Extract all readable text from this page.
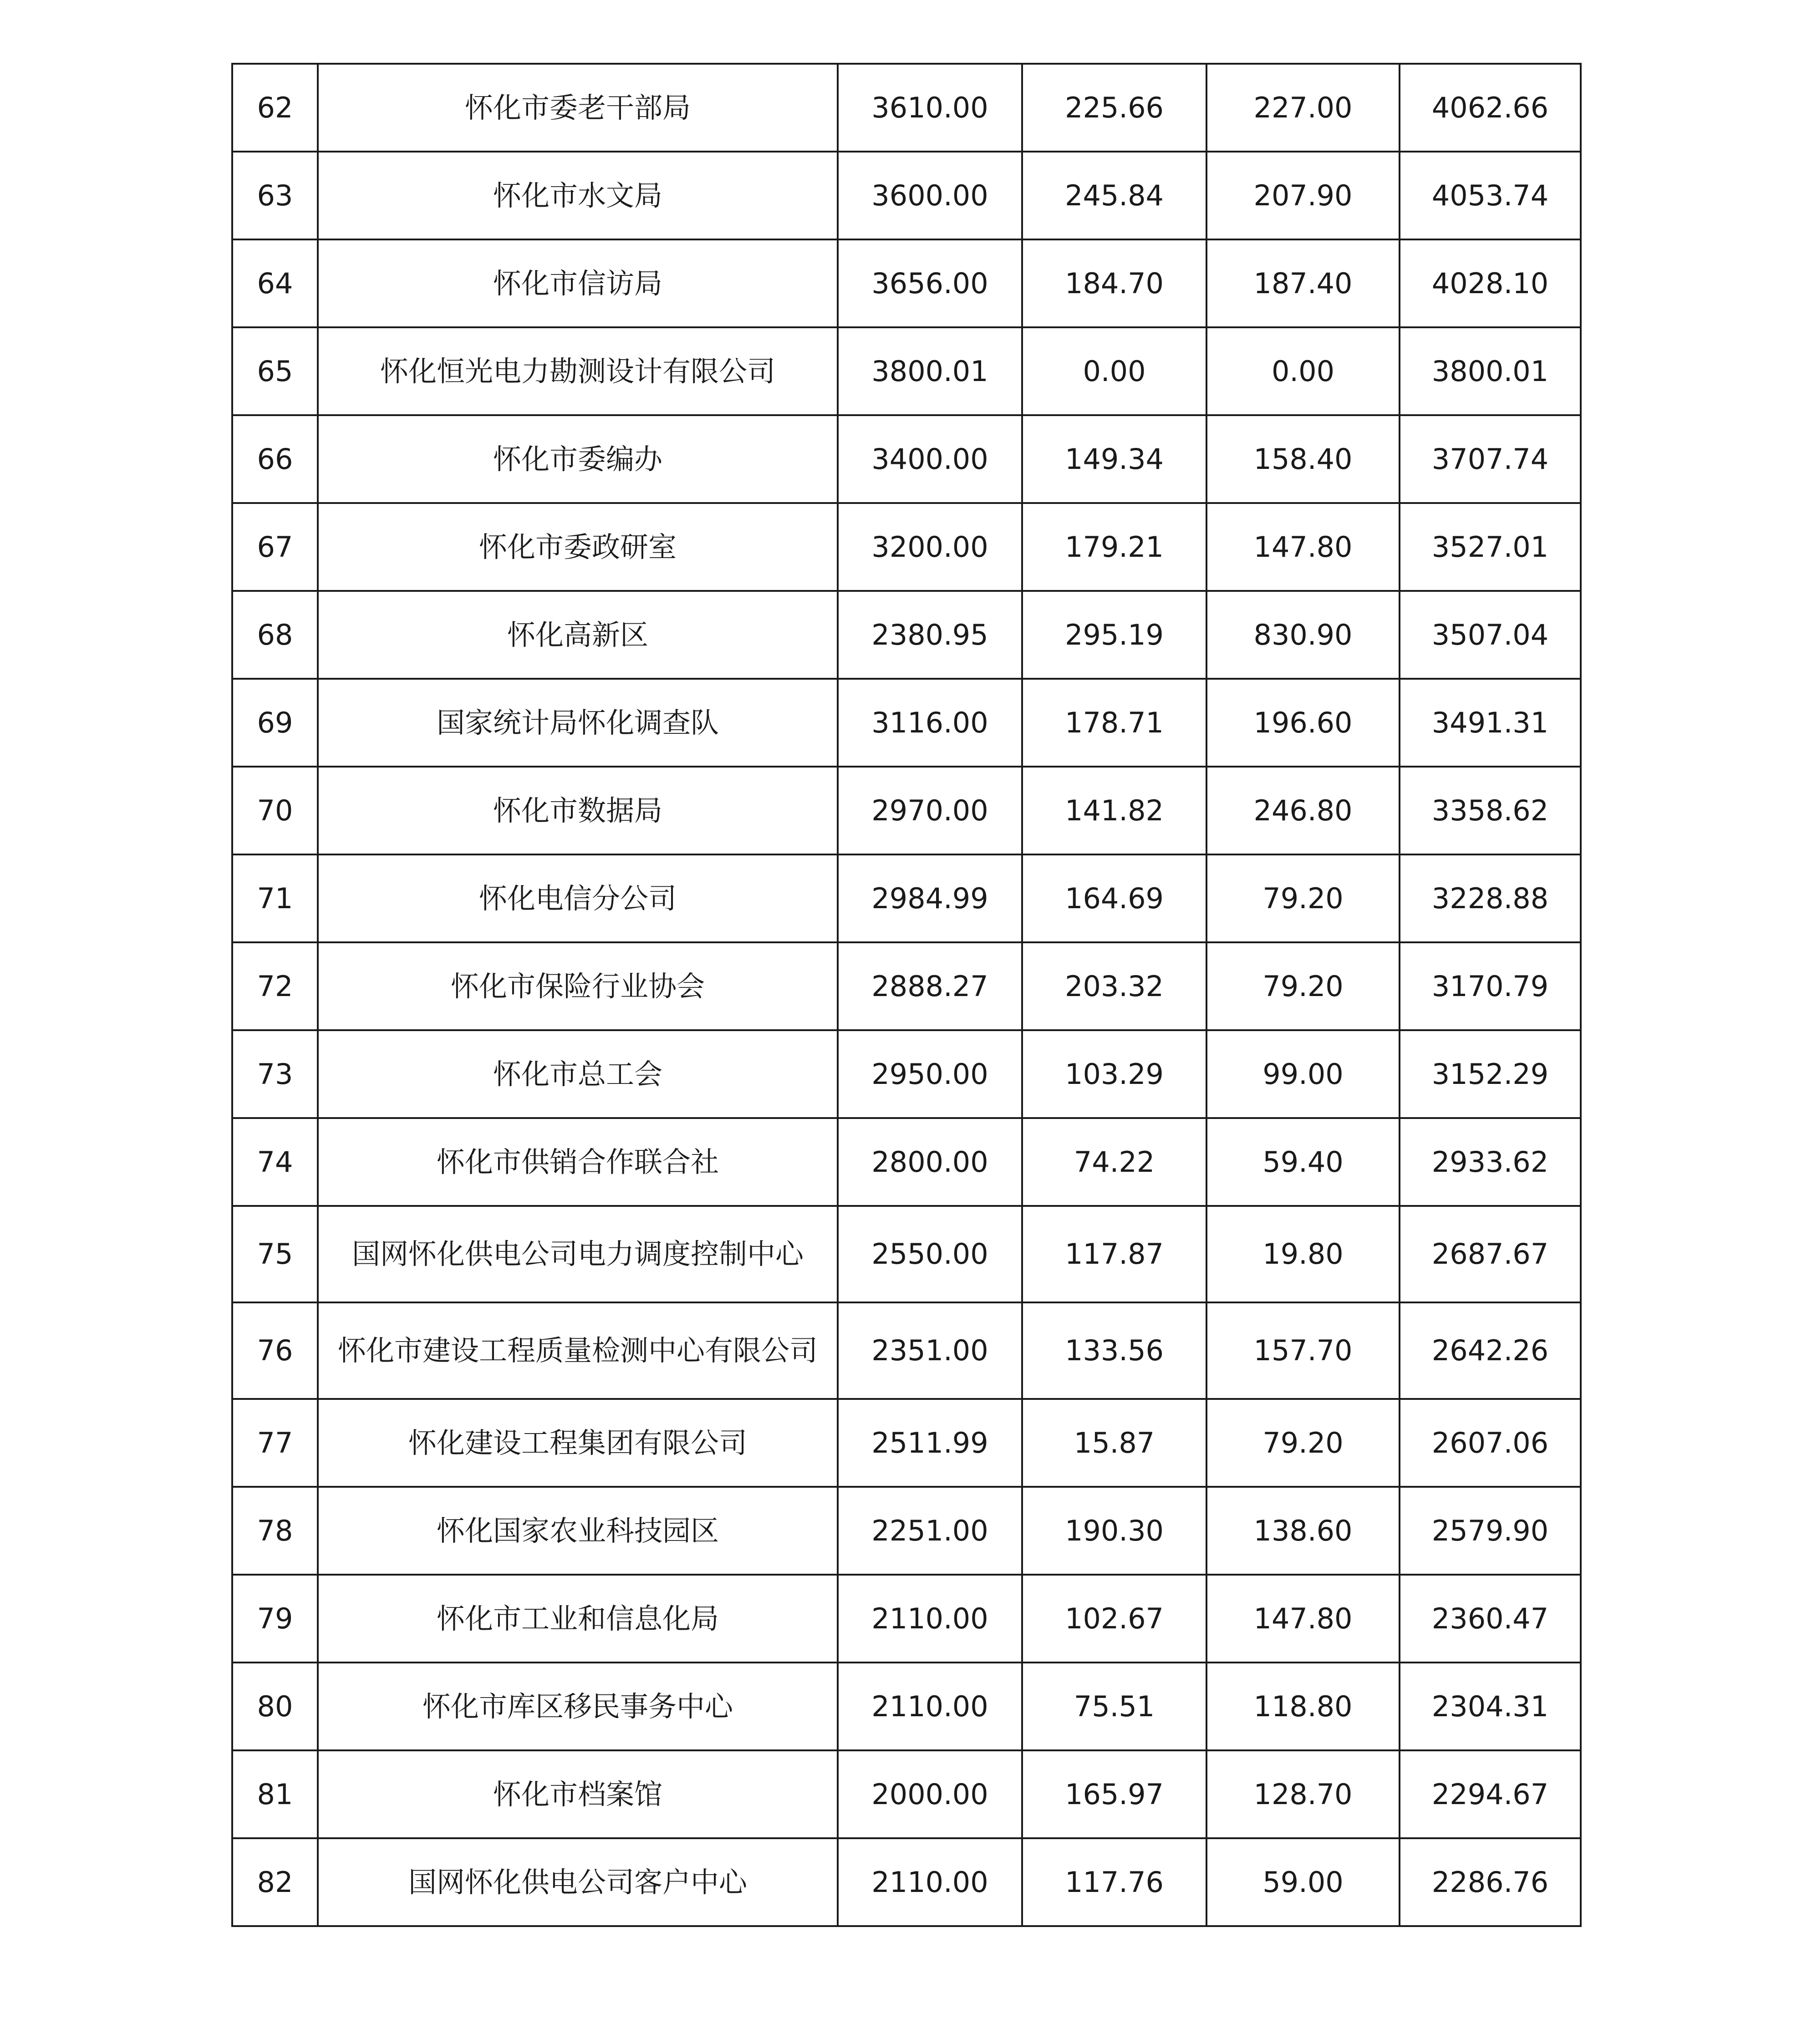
62	怀化市委老干部局	3610.00	225.66	227.00	4062.66
63	怀化市水文局	3600.00	245.84	207.90	4053.74
64	怀化市信访局	3656.00	184.70	187.40	4028.10
65	怀化恒光电力勘测设计有限公司	3800.01	0.00	0.00	3800.01
66	怀化市委编办	3400.00	149.34	158.40	3707.74
67	怀化市委政研室	3200.00	179.21	147.80	3527.01
68	怀化高新区	2380.95	295.19	830.90	3507.04
69	国家统计局怀化调查队	3116.00	178.71	196.60	3491.31
70	怀化市数据局	2970.00	141.82	246.80	3358.62
71	怀化电信分公司	2984.99	164.69	79.20	3228.88
72	怀化市保险行业协会	2888.27	203.32	79.20	3170.79
73	怀化市总工会	2950.00	103.29	99.00	3152.29
74	怀化市供销合作联合社	2800.00	74.22	59.40	2933.62
75	国网怀化供电公司电力调度控制中心	2550.00	117.87	19.80	2687.67
76	怀化市建设工程质量检测中心有限公司	2351.00	133.56	157.70	2642.26
77	怀化建设工程集团有限公司	2511.99	15.87	79.20	2607.06
78	怀化国家农业科技园区	2251.00	190.30	138.60	2579.90
79	怀化市工业和信息化局	2110.00	102.67	147.80	2360.47
80	怀化市库区移民事务中心	2110.00	75.51	118.80	2304.31
81	怀化市档案馆	2000.00	165.97	128.70	2294.67
82	国网怀化供电公司客户中心	2110.00	117.76	59.00	2286.76
